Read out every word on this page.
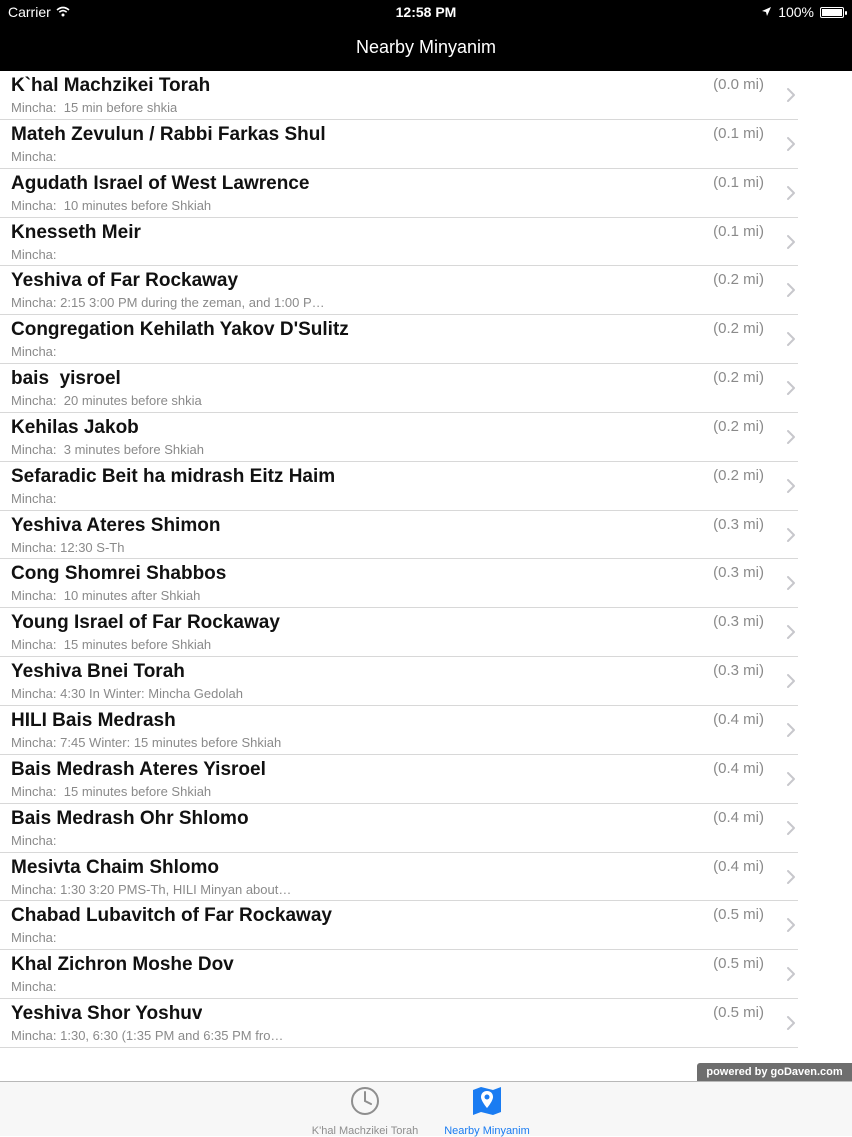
Carrier	12:58 PM	100%
Nearby Minyanim
K`hal Machzikei Torah
Mincha:  15 min before shkia
(0.0 mi)
Mateh Zevulun / Rabbi Farkas Shul
Mincha:
(0.1 mi)
Agudath Israel of West Lawrence
Mincha:  10 minutes before Shkiah
(0.1 mi)
Knesseth Meir
Mincha:
(0.1 mi)
Yeshiva of Far Rockaway
Mincha: 2:15 3:00 PM during the zeman, and 1:00 P…
(0.2 mi)
Congregation Kehilath Yakov D'Sulitz
Mincha:
(0.2 mi)
bais  yisroel
Mincha:  20 minutes before shkia
(0.2 mi)
Kehilas Jakob
Mincha:  3 minutes before Shkiah
(0.2 mi)
Sefaradic Beit ha midrash Eitz Haim
Mincha:
(0.2 mi)
Yeshiva Ateres Shimon
Mincha: 12:30 S-Th
(0.3 mi)
Cong Shomrei Shabbos
Mincha:  10 minutes after Shkiah
(0.3 mi)
Young Israel of Far Rockaway
Mincha:  15 minutes before Shkiah
(0.3 mi)
Yeshiva Bnei Torah
Mincha: 4:30 In Winter: Mincha Gedolah
(0.3 mi)
HILI Bais Medrash
Mincha: 7:45 Winter: 15 minutes before Shkiah
(0.4 mi)
Bais Medrash Ateres Yisroel
Mincha:  15 minutes before Shkiah
(0.4 mi)
Bais Medrash Ohr Shlomo
Mincha:
(0.4 mi)
Mesivta Chaim Shlomo
Mincha: 1:30 3:20 PMS-Th, HILI Minyan about…
(0.4 mi)
Chabad Lubavitch of Far Rockaway
Mincha:
(0.5 mi)
Khal Zichron Moshe Dov
Mincha:
(0.5 mi)
Yeshiva Shor Yoshuv
Mincha: 1:30, 6:30 (1:35 PM and 6:35 PM fro…
(0.5 mi)
powered by goDaven.com
K'hal Machzikei Torah	Nearby Minyanim
